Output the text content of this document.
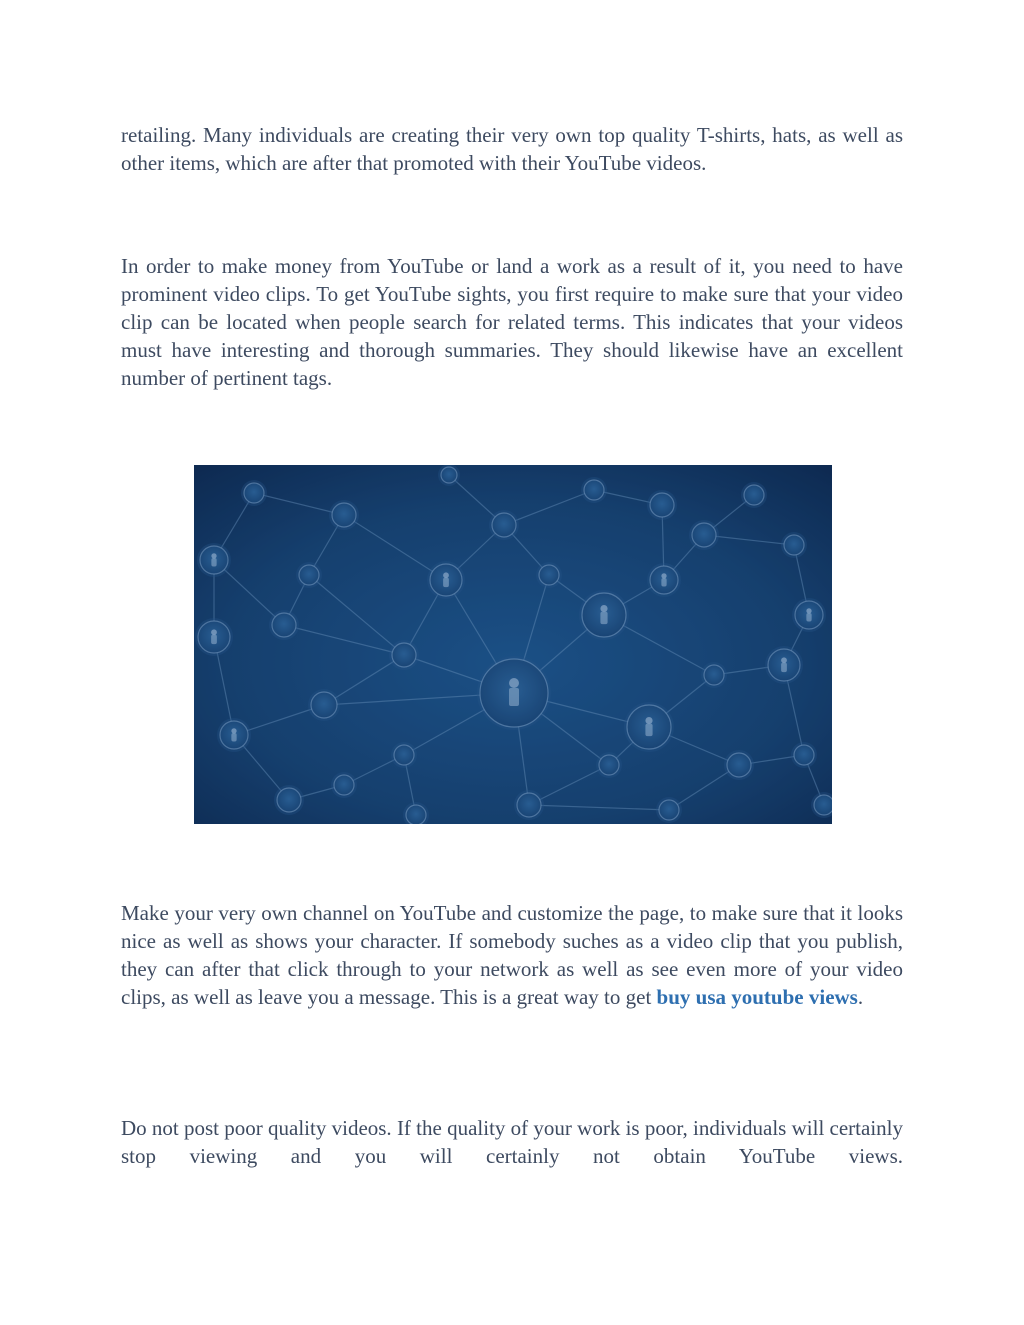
retailing. Many individuals are creating their very own top quality T-shirts, hats, as well as other items, which are after that promoted with their YouTube videos.

In order to make money from YouTube or land a work as a result of it, you need to have prominent video clips. To get YouTube sights, you first require to make sure that your video clip can be located when people search for related terms. This indicates that your videos must have interesting and thorough summaries. They should likewise have an excellent number of pertinent tags.

Make your very own channel on YouTube and customize the page, to make sure that it looks nice as well as shows your character. If somebody suches as a video clip that you publish, they can after that click through to your network as well as see even more of your video clips, as well as leave you a message. This is a great way to get buy usa youtube views.

Do not post poor quality videos. If the quality of your work is poor, individuals will certainly stop viewing and you will certainly not obtain YouTube views.
